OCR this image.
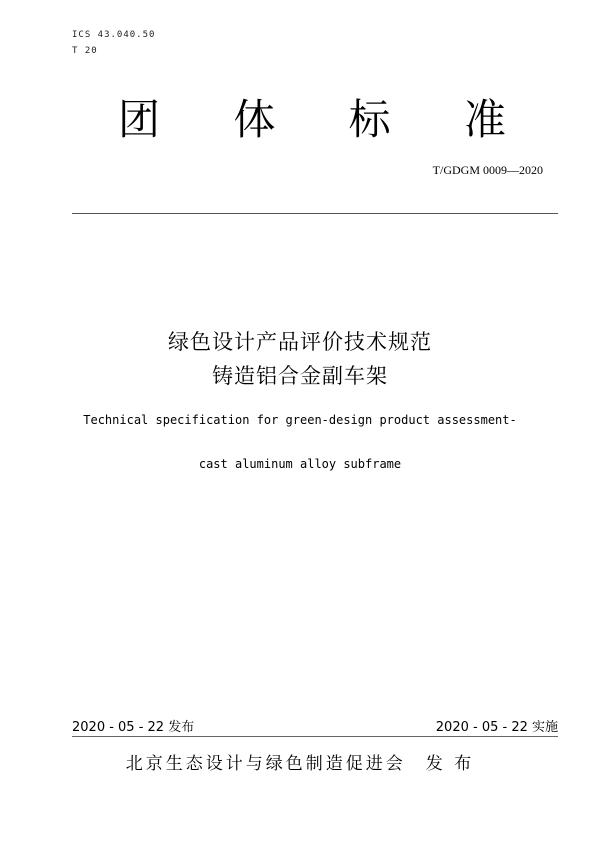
ICS 43.040.50
T 20
团 体 标 准
T/GDGM 0009—2020
绿色设计产品评价技术规范
铸造铝合金副车架
Technical specification for green-design product assessment-
cast aluminum alloy subframe
2020 - 05 - 22 发布	2020 - 05 - 22 实施
北京生态设计与绿色制造促进会　发 布
